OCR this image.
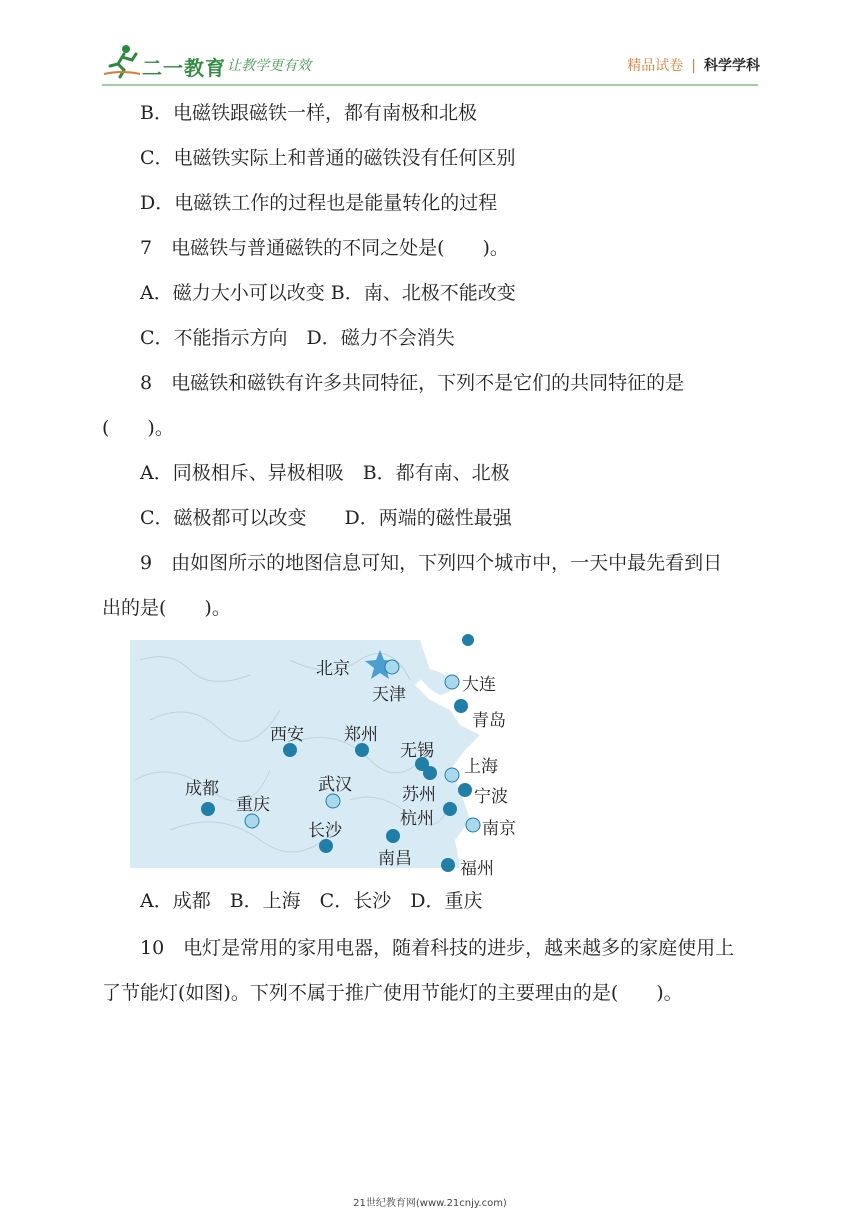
二一教育
/ 让教学更有效	精品试卷 | 科学学科
B．电磁铁跟磁铁一样，都有南极和北极
C．电磁铁实际上和普通的磁铁没有任何区别
D．电磁铁工作的过程也是能量转化的过程
7　电磁铁与普通磁铁的不同之处是(　　)。
A．磁力大小可以改变 B．南、北极不能改变
C．不能指示方向　D．磁力不会消失
8　电磁铁和磁铁有许多共同特征，下列不是它们的共同特征的是
(　　)。
A．同极相斥、异极相吸　B．都有南、北极
C．磁极都可以改变　　D．两端的磁性最强
9　由如图所示的地图信息可知，下列四个城市中，一天中最先看到日
出的是(　　)。
北京
天津	大连
青岛
西安 郑州
无锡
上海
成都	武汉	苏州 宁波
重庆
杭州	南京
长沙
南昌	福州
A．成都　B．上海　C．长沙　D．重庆
10　电灯是常用的家用电器，随着科技的进步，越来越多的家庭使用上
了节能灯(如图)。下列不属于推广使用节能灯的主要理由的是(　　)。
21世纪教育网(www.21cnjy.com)
